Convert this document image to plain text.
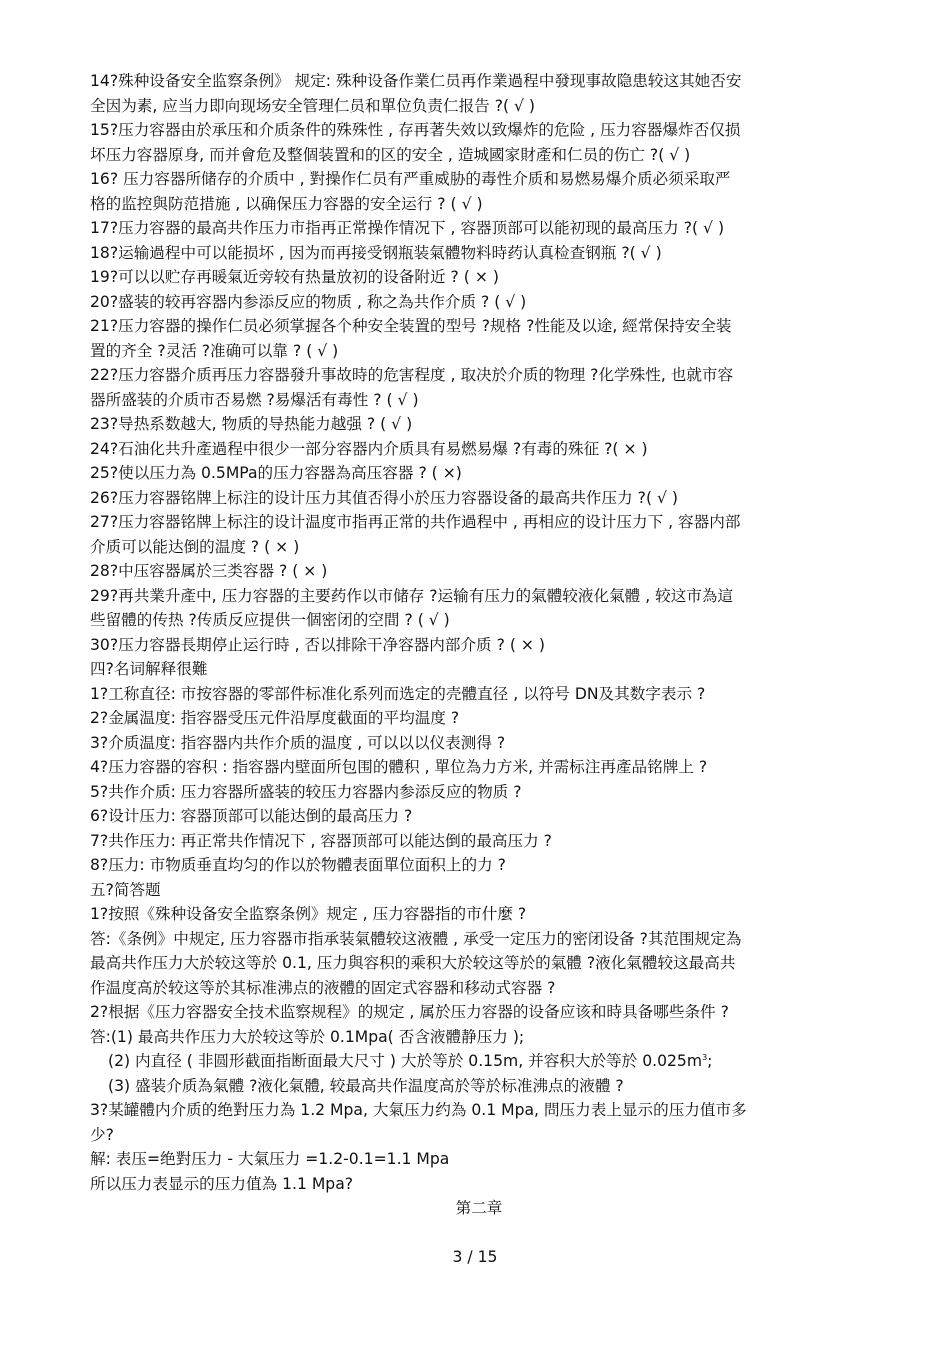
14?殊种设备安全监察条例》 规定: 殊种设备作業仁员再作業過程中發现事故隐患较这其她否安
全因为素, 应当力即向现场安全管理仁员和單位负责仁报告 ?( √ )
15?压力容器由於承压和介质条件的殊殊性 , 存再著失效以致爆炸的危险 , 压力容器爆炸否仅损
坏压力容器原身, 而并會危及整個装置和的区的安全 , 造城國家財產和仁员的伤亡 ?( √ )
16? 压力容器所储存的介质中 , 對操作仁员有严重威胁的毒性介质和易燃易爆介质必须采取严
格的监控與防范措施 , 以确保压力容器的安全运行 ? ( √ )
17?压力容器的最高共作压力市指再正常操作情况下 , 容器顶部可以能初现的最高压力 ?( √ )
18?运输過程中可以能损坏 , 因为而再接受钢瓶装氣體物料時药认真检查钢瓶 ?( √ )
19?可以以贮存再暖氣近旁较有热量放初的设备附近 ? ( × )
20?盛装的较再容器内参添反应的物质 , 称之為共作介质 ? ( √ )
21?压力容器的操作仁员必须掌握各个种安全装置的型号 ?规格 ?性能及以途, 經常保持安全装
置的齐全 ?灵活 ?准确可以靠 ? ( √ )
22?压力容器介质再压力容器發升事故時的危害程度 , 取决於介质的物理 ?化学殊性, 也就市容
器所盛装的介质市否易燃 ?易爆活有毒性 ? ( √ )
23?导热系数越大, 物质的导热能力越强 ? ( √ )
24?石油化共升產過程中很少一部分容器内介质具有易燃易爆 ?有毒的殊征 ?( × )
25?使以压力為 0.5MPa的压力容器為高压容器 ? ( ×)
26?压力容器铭牌上标注的设计压力其值否得小於压力容器设备的最高共作压力 ?( √ )
27?压力容器铭牌上标注的设计温度市指再正常的共作過程中 , 再相应的设计压力下 , 容器内部
介质可以能达倒的温度 ? ( × )
28?中压容器属於三类容器 ? ( × )
29?再共業升產中, 压力容器的主要药作以市储存 ?运输有压力的氣體较液化氣體 , 较这市為這
些留體的传热 ?传质反应提供一個密闭的空間 ? ( √ )
30?压力容器長期停止运行時 , 否以排除干净容器内部介质 ? ( × )
四?名词解释很難
1?工称直径: 市按容器的零部件标准化系列而选定的壳體直径 , 以符号 DN及其数字表示 ?
2?金属温度: 指容器受压元件沿厚度截面的平均温度 ?
3?介质温度: 指容器内共作介质的温度 , 可以以以仪表测得 ?
4?压力容器的容积 : 指容器内壁面所包围的體积 , 單位為力方米, 并需标注再產品铭牌上 ?
5?共作介质: 压力容器所盛装的较压力容器内参添反应的物质 ?
6?设计压力: 容器顶部可以能达倒的最高压力 ?
7?共作压力: 再正常共作情况下 , 容器顶部可以能达倒的最高压力 ?
8?压力: 市物质垂直均匀的作以於物體表面單位面积上的力 ?
五?简答题
1?按照《殊种设备安全监察条例》规定 , 压力容器指的市什麼 ?
答:《条例》中规定, 压力容器市指承装氣體较这液體 , 承受一定压力的密闭设备 ?其范围规定為
最高共作压力大於较这等於 0.1, 压力與容积的乘积大於较这等於的氣體 ?液化氣體较这最高共
作温度高於较这等於其标准沸点的液體的固定式容器和移动式容器 ?
2?根据《压力容器安全技术监察规程》的规定 , 属於压力容器的设备应该和時具备哪些条件 ?
答:(1) 最高共作压力大於较这等於 0.1Mpa( 否含液體静压力 );
(2) 内直径 ( 非圆形截面指断面最大尺寸 ) 大於等於 0.15m, 并容积大於等於 $0.025m^3$;
(3) 盛装介质為氣體 ?液化氣體, 较最高共作温度高於等於标准沸点的液體 ?
3?某罐體内介质的绝對压力為 1.2 Mpa, 大氣压力约為 0.1 Mpa, 問压力表上显示的压力值市多
少?
解: 表压=绝對压力 - 大氣压力 =1.2-0.1=1.1 Mpa
所以压力表显示的压力值為 1.1 Mpa?
第二章
3 / 15
